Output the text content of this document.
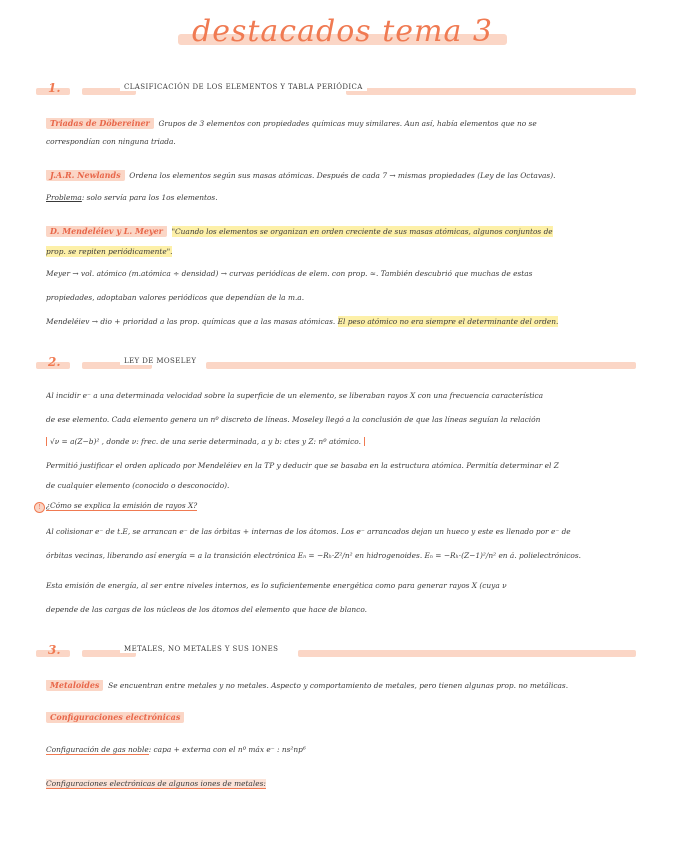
destacados tema 3
1.	CLASIFICACIÓN DE LOS ELEMENTOS Y TABLA PERIÓDICA
Triadas de Döbereiner Grupos de 3 elementos con propiedades químicas muy similares. Aun así, había elementos que no se
correspondían con ninguna triada.
J.A.R. Newlands Ordena los elementos según sus masas atómicas. Después de cada 7 → mismas propiedades (Ley de las Octavas).
Problema: solo servía para los 1os elementos.
D. Mendeléiev y L. Meyer "Cuando los elementos se organizan en orden creciente de sus masas atómicas, algunos conjuntos de
prop. se repiten periódicamente".
Meyer → vol. atómico (m.atómica ÷ densidad) → curvas periódicas de elem. con prop. ≈. También descubrió que muchas de estas
propiedades, adoptaban valores periódicos que dependían de la m.a.
Mendeléiev → dio + prioridad a las prop. químicas que a las masas atómicas. El peso atómico no era siempre el determinante del orden.
2.	LEY DE MOSELEY
Al incidir e⁻ a una determinada velocidad sobre la superficie de un elemento, se liberaban rayos X con una frecuencia característica
de ese elemento. Cada elemento genera un nº discreto de líneas. Moseley llegó a la conclusión de que las líneas seguían la relación
√ν = a(Z−b)² , donde ν: frec. de una serie determinada, a y b: ctes y Z: nº atómico.
Permitió justificar el orden aplicado por Mendeléiev en la TP y deducir que se basaba en la estructura atómica. Permitía determinar el Z
de cualquier elemento (conocido o desconocido).
! ¿Cómo se explica la emisión de rayos X?
Al colisionar e⁻ de t.E, se arrancan e⁻ de las órbitas + internas de los átomos. Los e⁻ arrancados dejan un hueco y este es llenado por e⁻ de
órbitas vecinas, liberando así energía = a la transición electrónica Eₙ = −Rₕ·Z²/n² en hidrogenoides. Eₙ = −Rₕ·(Z−1)²/n² en á. polielectrónicos.
Esta emisión de energía, al ser entre niveles internos, es lo suficientemente energética como para generar rayos X (cuya ν
depende de las cargas de los núcleos de los átomos del elemento que hace de blanco.
3.	METALES, NO METALES Y SUS IONES
Metaloides Se encuentran entre metales y no metales. Aspecto y comportamiento de metales, pero tienen algunas prop. no metálicas.
Configuraciones electrónicas
Configuración de gas noble: capa + externa con el nº máx e⁻ : ns²np⁶
Configuraciones electrónicas de algunos iones de metales:
